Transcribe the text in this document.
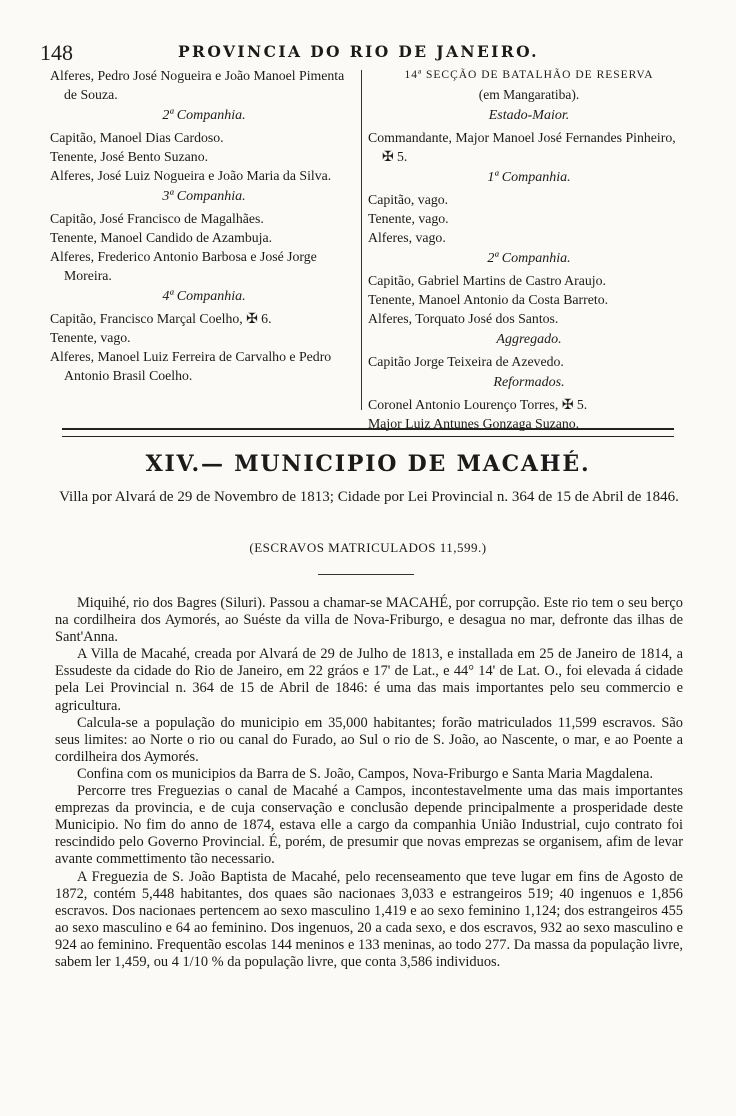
148	PROVINCIA DO RIO DE JANEIRO.
Alferes, Pedro José Nogueira e João Manoel Pimenta de Souza.
2ª Companhia.
Capitão, Manoel Dias Cardoso.
Tenente, José Bento Suzano.
Alferes, José Luiz Nogueira e João Maria da Silva.
3ª Companhia.
Capitão, José Francisco de Magalhães.
Tenente, Manoel Candido de Azambuja.
Alferes, Frederico Antonio Barbosa e José Jorge Moreira.
4ª Companhia.
Capitão, Francisco Marçal Coelho, ✠ 6.
Tenente, vago.
Alferes, Manoel Luiz Ferreira de Carvalho e Pedro Antonio Brasil Coelho.
14ª SECÇÃO DE BATALHÃO DE RESERVA
(em Mangaratiba).
Estado-Maior.
Commandante, Major Manoel José Fernandes Pinheiro, ✠ 5.
1ª Companhia.
Capitão, vago.
Tenente, vago.
Alferes, vago.
2ª Companhia.
Capitão, Gabriel Martins de Castro Araujo.
Tenente, Manoel Antonio da Costa Barreto.
Alferes, Torquato José dos Santos.
Aggregado.
Capitão Jorge Teixeira de Azevedo.
Reformados.
Coronel Antonio Lourenço Torres, ✠ 5.
Major Luiz Antunes Gonzaga Suzano.
XIV.— MUNICIPIO DE MACAHÉ.
Villa por Alvará de 29 de Novembro de 1813; Cidade por Lei Provincial n. 364 de 15 de Abril de 1846.
(ESCRAVOS MATRICULADOS 11,599.)

Miquihé, rio dos Bagres (Siluri). Passou a chamar-se MACAHÉ, por corrupção. Este rio tem o seu berço na cordilheira dos Aymorés, ao Suéste da villa de Nova-Friburgo, e desagua no mar, defronte das ilhas de Sant'Anna.

A Villa de Macahé, creada por Alvará de 29 de Julho de 1813, e installada em 25 de Janeiro de 1814, a Essudeste da cidade do Rio de Janeiro, em 22 gráos e 17' de Lat., e 44° 14' de Lat. O., foi elevada á cidade pela Lei Provincial n. 364 de 15 de Abril de 1846: é uma das mais importantes pelo seu commercio e agricultura.

Calcula-se a população do municipio em 35,000 habitantes; forão matriculados 11,599 escravos. São seus limites: ao Norte o rio ou canal do Furado, ao Sul o rio de S. João, ao Nascente, o mar, e ao Poente a cordilheira dos Aymorés.

Confina com os municipios da Barra de S. João, Campos, Nova-Friburgo e Santa Maria Magdalena.

Percorre tres Freguezias o canal de Macahé a Campos, incontestavelmente uma das mais importantes emprezas da provincia, e de cuja conservação e conclusão depende principalmente a prosperidade deste Municipio. No fim do anno de 1874, estava elle a cargo da companhia União Industrial, cujo contrato foi rescindido pelo Governo Provincial. É, porém, de presumir que novas emprezas se organisem, afim de levar avante commettimento tão necessario.

A Freguezia de S. João Baptista de Macahé, pelo recenseamento que teve lugar em fins de Agosto de 1872, contém 5,448 habitantes, dos quaes são nacionaes 3,033 e estrangeiros 519; 40 ingenuos e 1,856 escravos. Dos nacionaes pertencem ao sexo masculino 1,419 e ao sexo feminino 1,124; dos estrangeiros 455 ao sexo masculino e 64 ao feminino. Dos ingenuos, 20 a cada sexo, e dos escravos, 932 ao sexo masculino e 924 ao feminino. Frequentão escolas 144 meninos e 133 meninas, ao todo 277. Da massa da população livre, sabem ler 1,459, ou 4 1/10 % da população livre, que conta 3,586 individuos.
